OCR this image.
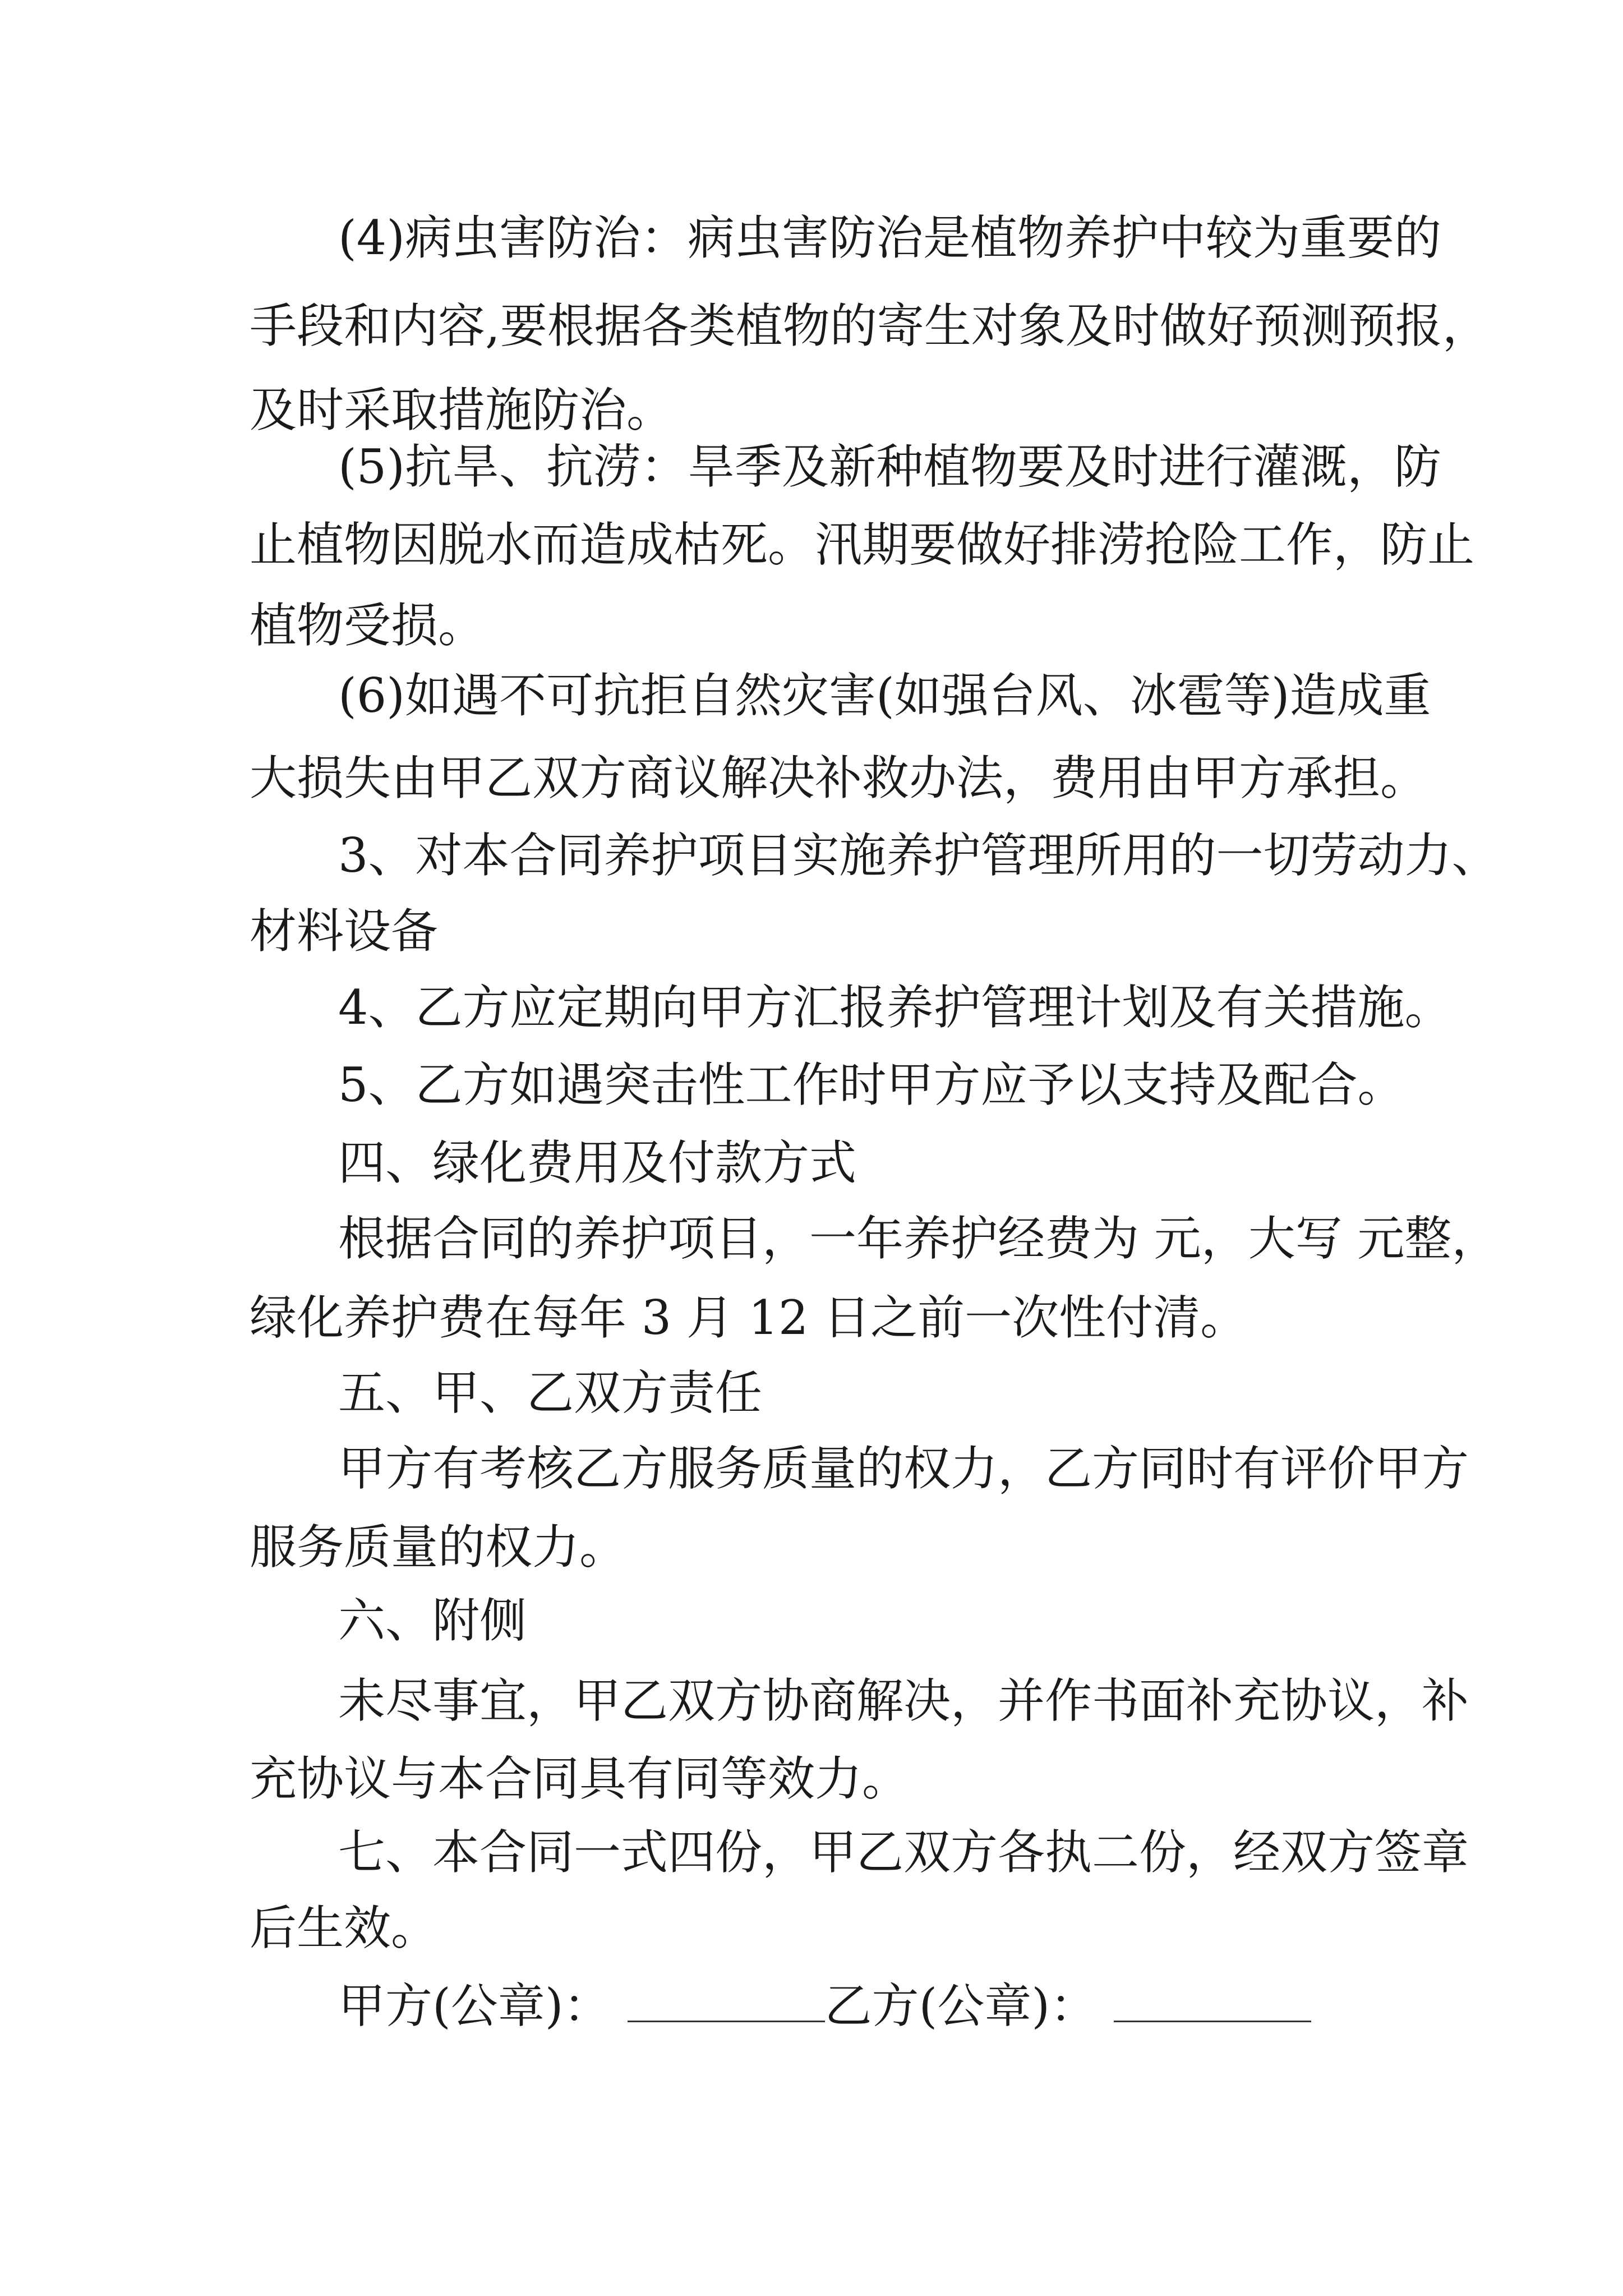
(4)病虫害防治：病虫害防治是植物养护中较为重要的
手段和内容,要根据各类植物的寄生对象及时做好预测预报，
及时采取措施防治。
(5)抗旱、抗涝：旱季及新种植物要及时进行灌溉，防
止植物因脱水而造成枯死。汛期要做好排涝抢险工作，防止
植物受损。
(6)如遇不可抗拒自然灾害(如强台风、冰雹等)造成重
大损失由甲乙双方商议解决补救办法，费用由甲方承担。
3、对本合同养护项目实施养护管理所用的一切劳动力、
材料设备
4、乙方应定期向甲方汇报养护管理计划及有关措施。
5、乙方如遇突击性工作时甲方应予以支持及配合。
四、绿化费用及付款方式
根据合同的养护项目，一年养护经费为 元，大写 元整，
绿化养护费在每年 3 月 12 日之前一次性付清。
五、甲、乙双方责任
甲方有考核乙方服务质量的权力，乙方同时有评价甲方
服务质量的权力。
六、附侧
未尽事宜，甲乙双方协商解决，并作书面补充协议，补
充协议与本合同具有同等效力。
七、本合同一式四份，甲乙双方各执二份，经双方签章
后生效。
甲方(公章)：	乙方(公章)：
